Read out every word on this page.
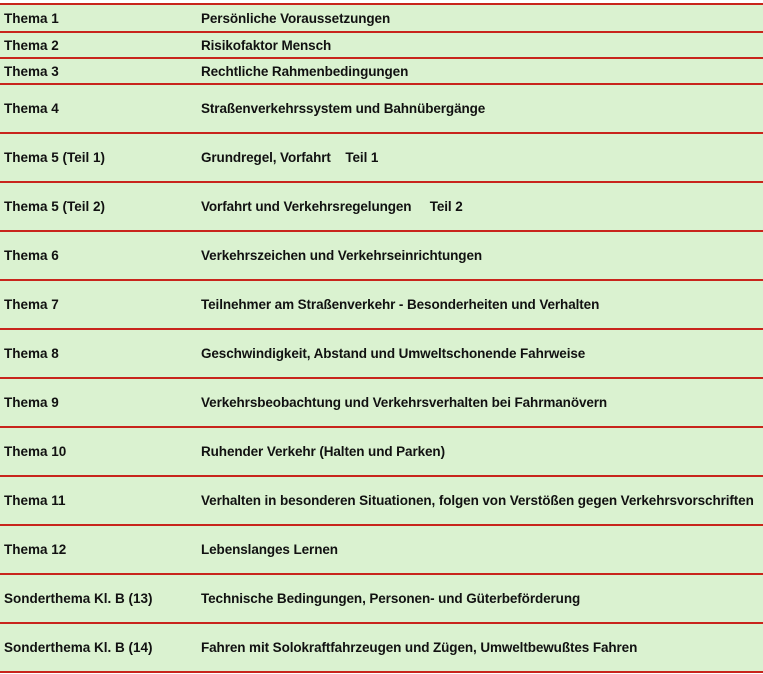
Thema 1	Persönliche Voraussetzungen
Thema 2	Risikofaktor Mensch
Thema 3	Rechtliche Rahmenbedingungen
Thema 4	Straßenverkehrssystem und Bahnübergänge
Thema 5 (Teil 1)	Grundregel, Vorfahrt    Teil 1
Thema 5 (Teil 2)	Vorfahrt und Verkehrsregelungen     Teil 2
Thema 6	Verkehrszeichen und Verkehrseinrichtungen
Thema 7	Teilnehmer am Straßenverkehr - Besonderheiten und Verhalten
Thema 8	Geschwindigkeit, Abstand und Umweltschonende Fahrweise
Thema 9	Verkehrsbeobachtung und Verkehrsverhalten bei Fahrmanövern
Thema 10	Ruhender Verkehr (Halten und Parken)
Thema 11	Verhalten in besonderen Situationen, folgen von Verstößen gegen Verkehrsvorschriften
Thema 12	Lebenslanges Lernen
Sonderthema Kl. B (13)	Technische Bedingungen, Personen- und Güterbeförderung
Sonderthema Kl. B (14)	Fahren mit Solokraftfahrzeugen und Zügen, Umweltbewußtes Fahren
